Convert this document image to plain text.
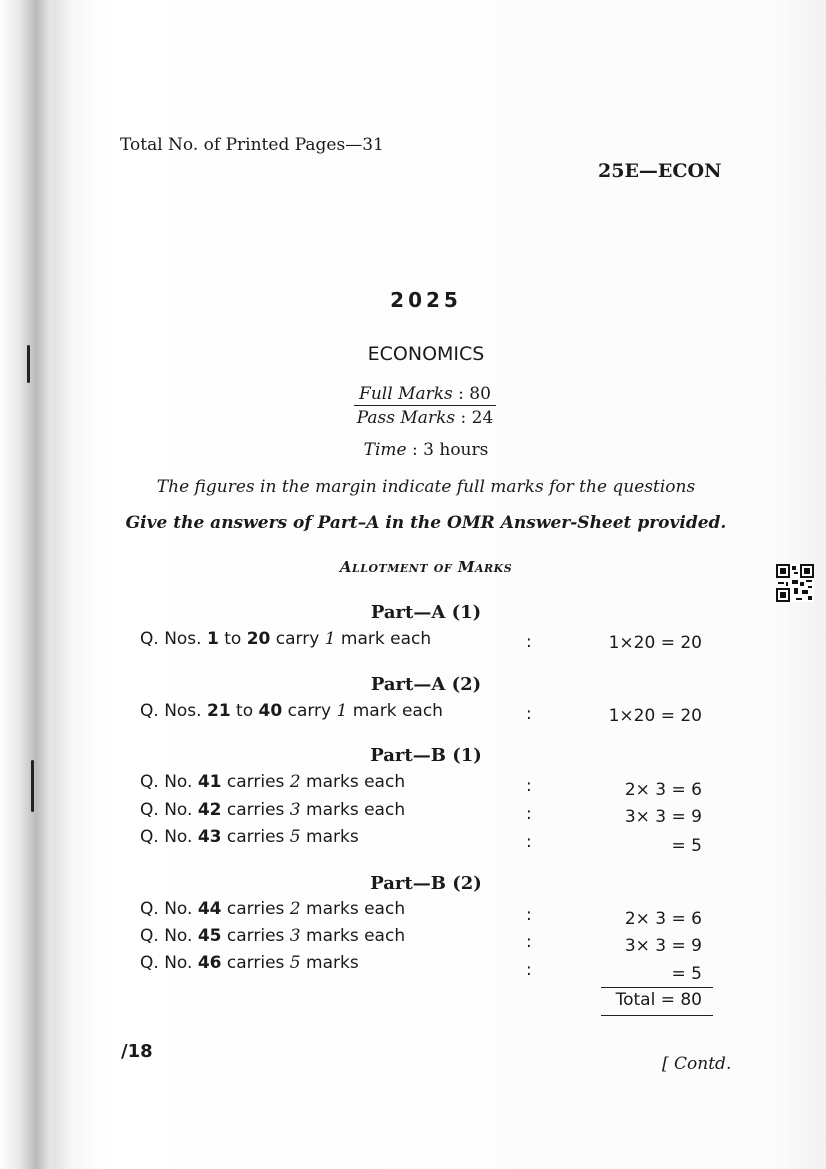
Total No. of Printed Pages—31
25E—ECON
2025
ECONOMICS
Full Marks : 80
Pass Marks : 24
Time : 3 hours
The figures in the margin indicate full marks for the questions
Give the answers of Part–A in the OMR Answer-Sheet provided.
Allotment of Marks
Part—A (1)
Q. Nos. 1 to 20 carry 1 mark each	:	1×20 = 20
Part—A (2)
Q. Nos. 21 to 40 carry 1 mark each	:	1×20 = 20
Part—B (1)
Q. No. 41 carries 2 marks each	:	2× 3 = 6
Q. No. 42 carries 3 marks each	:	3× 3 = 9
Q. No. 43 carries 5 marks	:	= 5
Part—B (2)
Q. No. 44 carries 2 marks each	:	2× 3 = 6
Q. No. 45 carries 3 marks each	:	3× 3 = 9
Q. No. 46 carries 5 marks	:	= 5
Total = 80
/18
[ Contd.
